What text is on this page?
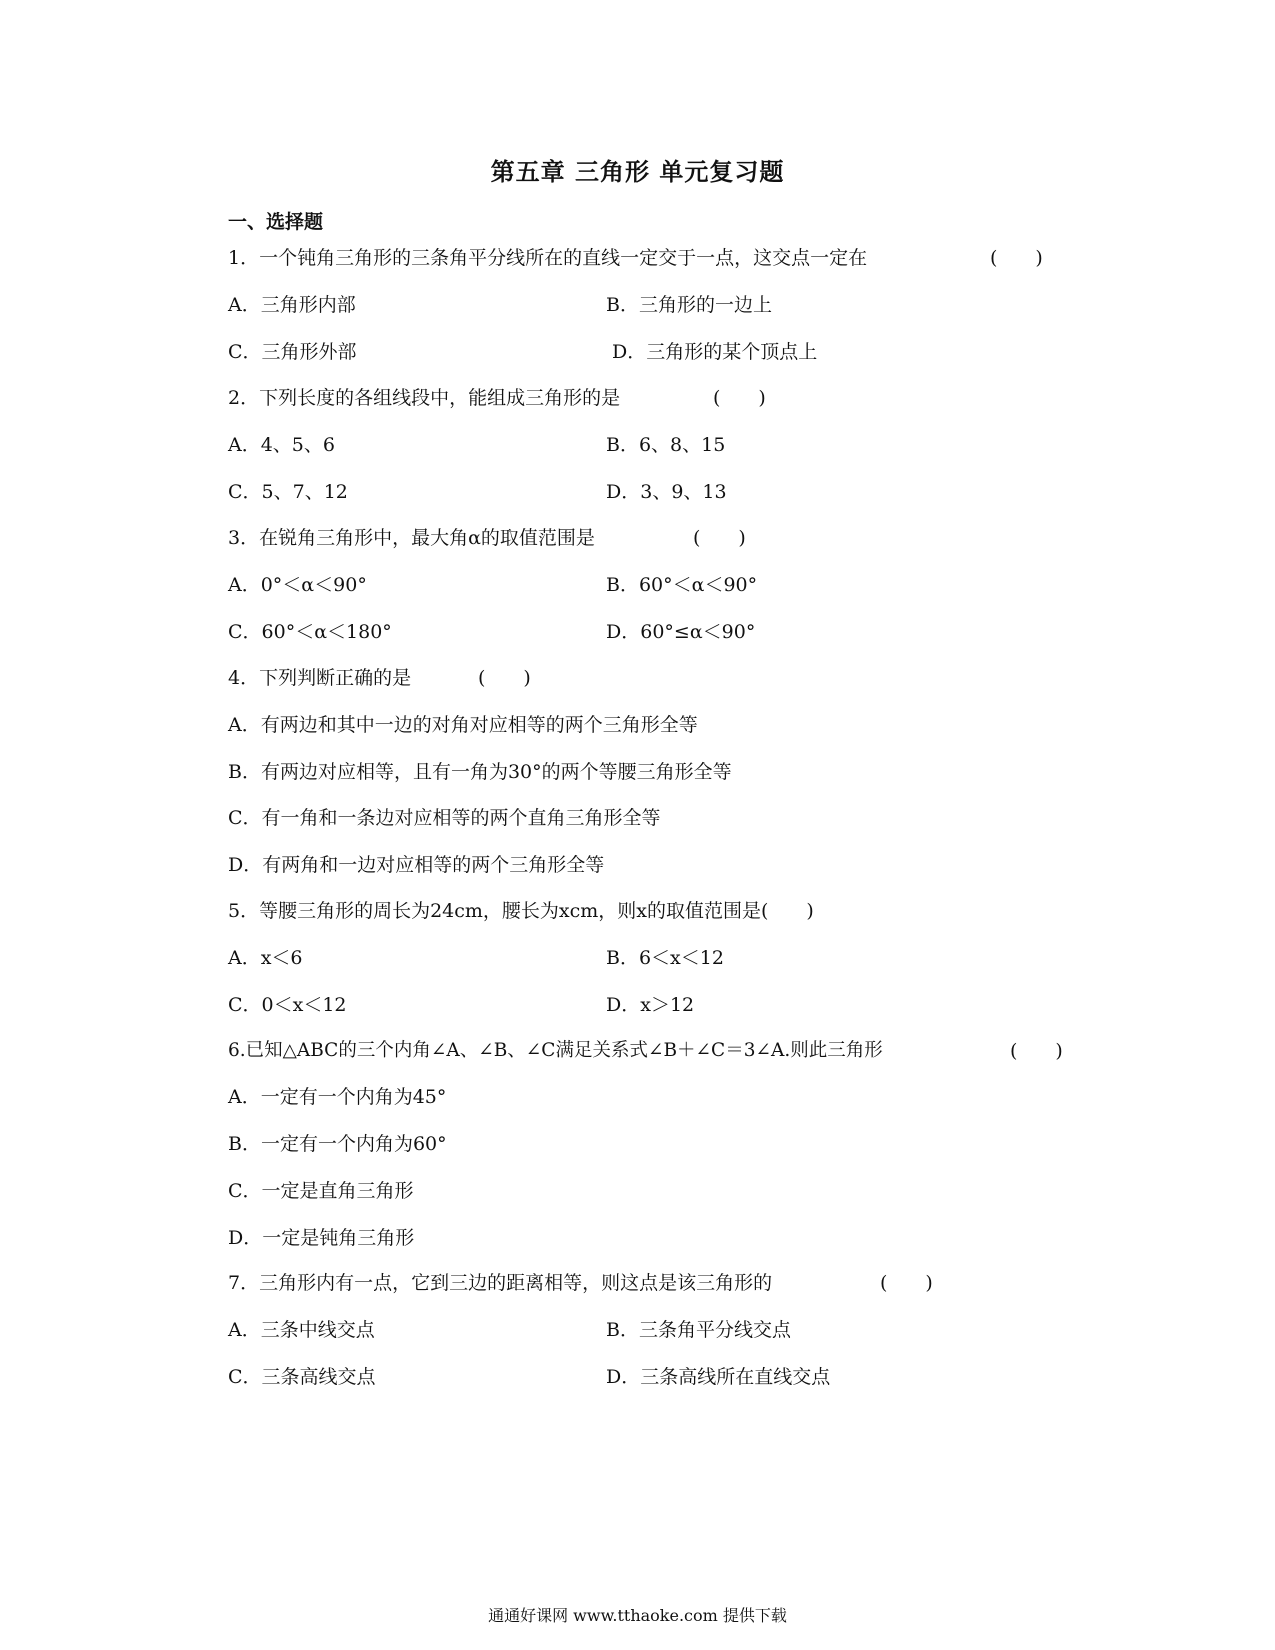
第五章 三角形 单元复习题
一、选择题
1．一个钝角三角形的三条角平分线所在的直线一定交于一点，这交点一定在	(　　)
A．三角形内部	B．三角形的一边上
C．三角形外部	D．三角形的某个顶点上
2．下列长度的各组线段中，能组成三角形的是	(　　)
A．4、5、6	B．6、8、15
C．5、7、12	D．3、9、13
3．在锐角三角形中，最大角α的取值范围是	(　　)
A．0°＜α＜90°	B．60°＜α＜90°
C．60°＜α＜180°	D．60°≤α＜90°
4．下列判断正确的是	(　　)
A．有两边和其中一边的对角对应相等的两个三角形全等
B．有两边对应相等，且有一角为30°的两个等腰三角形全等
C．有一角和一条边对应相等的两个直角三角形全等
D．有两角和一边对应相等的两个三角形全等
5．等腰三角形的周长为24cm，腰长为xcm，则x的取值范围是(　　)
A．x＜6	B．6＜x＜12
C．0＜x＜12	D．x＞12
6.已知△ABC的三个内角∠A、∠B、∠C满足关系式∠B＋∠C＝3∠A.则此三角形	(　　)
A．一定有一个内角为45°
B．一定有一个内角为60°
C．一定是直角三角形
D．一定是钝角三角形
7．三角形内有一点，它到三边的距离相等，则这点是该三角形的	(　　)
A．三条中线交点	B．三条角平分线交点
C．三条高线交点	D．三条高线所在直线交点
通通好课网 www.tthaoke.com 提供下载
